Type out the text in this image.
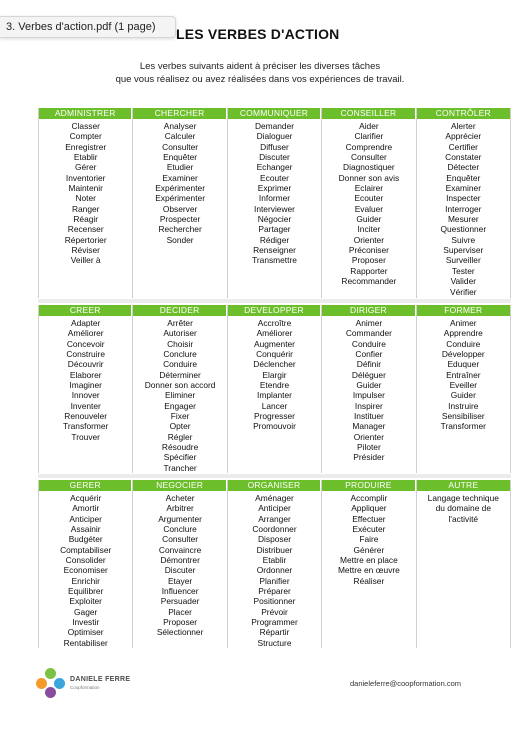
3. Verbes d'action.pdf (1 page)	LES VERBES D'ACTION
Les verbes suivants aident à préciser les diverses tâches
que vous réalisez ou avez réalisées dans vos expériences de travail.
ADMINISTRER
Classer
Compter
Enregistrer
Etablir
Gérer
Inventorier
Maintenir
Noter
Ranger
Réagir
Recenser
Répertorier
Réviser
Veiller à
CHERCHER
Analyser
Calculer
Consulter
Enquêter
Etudier
Examiner
Expérimenter
Expérimenter
Observer
Prospecter
Rechercher
Sonder
COMMUNIQUER
Demander
Dialoguer
Diffuser
Discuter
Echanger
Ecouter
Exprimer
Informer
Interviewer
Négocier
Partager
Rédiger
Renseigner
Transmettre
CONSEILLER
Aider
Clarifier
Comprendre
Consulter
Diagnostiquer
Donner son avis
Eclairer
Ecouter
Evaluer
Guider
Inciter
Orienter
Préconiser
Proposer
Rapporter
Recommander
CONTRÔLER
Alerter
Apprécier
Certifier
Constater
Détecter
Enquêter
Examiner
Inspecter
Interroger
Mesurer
Questionner
Suivre
Superviser
Surveiller
Tester
Valider
Vérifier
CREER
Adapter
Améliorer
Concevoir
Construire
Découvrir
Elaborer
Imaginer
Innover
Inventer
Renouveler
Transformer
Trouver
DECIDER
Arrêter
Autoriser
Choisir
Conclure
Conduire
Déterminer
Donner son accord
Eliminer
Engager
Fixer
Opter
Régler
Résoudre
Spécifier
Trancher
DEVELOPPER
Accroître
Améliorer
Augmenter
Conquérir
Déclencher
Elargir
Etendre
Implanter
Lancer
Progresser
Promouvoir
DIRIGER
Animer
Commander
Conduire
Confier
Définir
Déléguer
Guider
Impulser
Inspirer
Instituer
Manager
Orienter
Piloter
Présider
FORMER
Animer
Apprendre
Conduire
Développer
Eduquer
Entraîner
Eveiller
Guider
Instruire
Sensibiliser
Transformer
GERER
Acquérir
Amortir
Anticiper
Assainir
Budgéter
Comptabiliser
Consolider
Economiser
Enrichir
Equilibrer
Exploiter
Gager
Investir
Optimiser
Rentabiliser
NEGOCIER
Acheter
Arbitrer
Argumenter
Conclure
Consulter
Convaincre
Démontrer
Discuter
Etayer
Influencer
Persuader
Placer
Proposer
Sélectionner
ORGANISER
Aménager
Anticiper
Arranger
Coordonner
Disposer
Distribuer
Etablir
Ordonner
Planifier
Préparer
Positionner
Prévoir
Programmer
Répartir
Structure
PRODUIRE
Accomplir
Appliquer
Effectuer
Exécuter
Faire
Générer
Mettre en place
Mettre en œuvre
Réaliser
AUTRE
Langage technique
du domaine de
l'activité
DANIELE FERRE
Coopformation	danieleferre@coopformation.com
